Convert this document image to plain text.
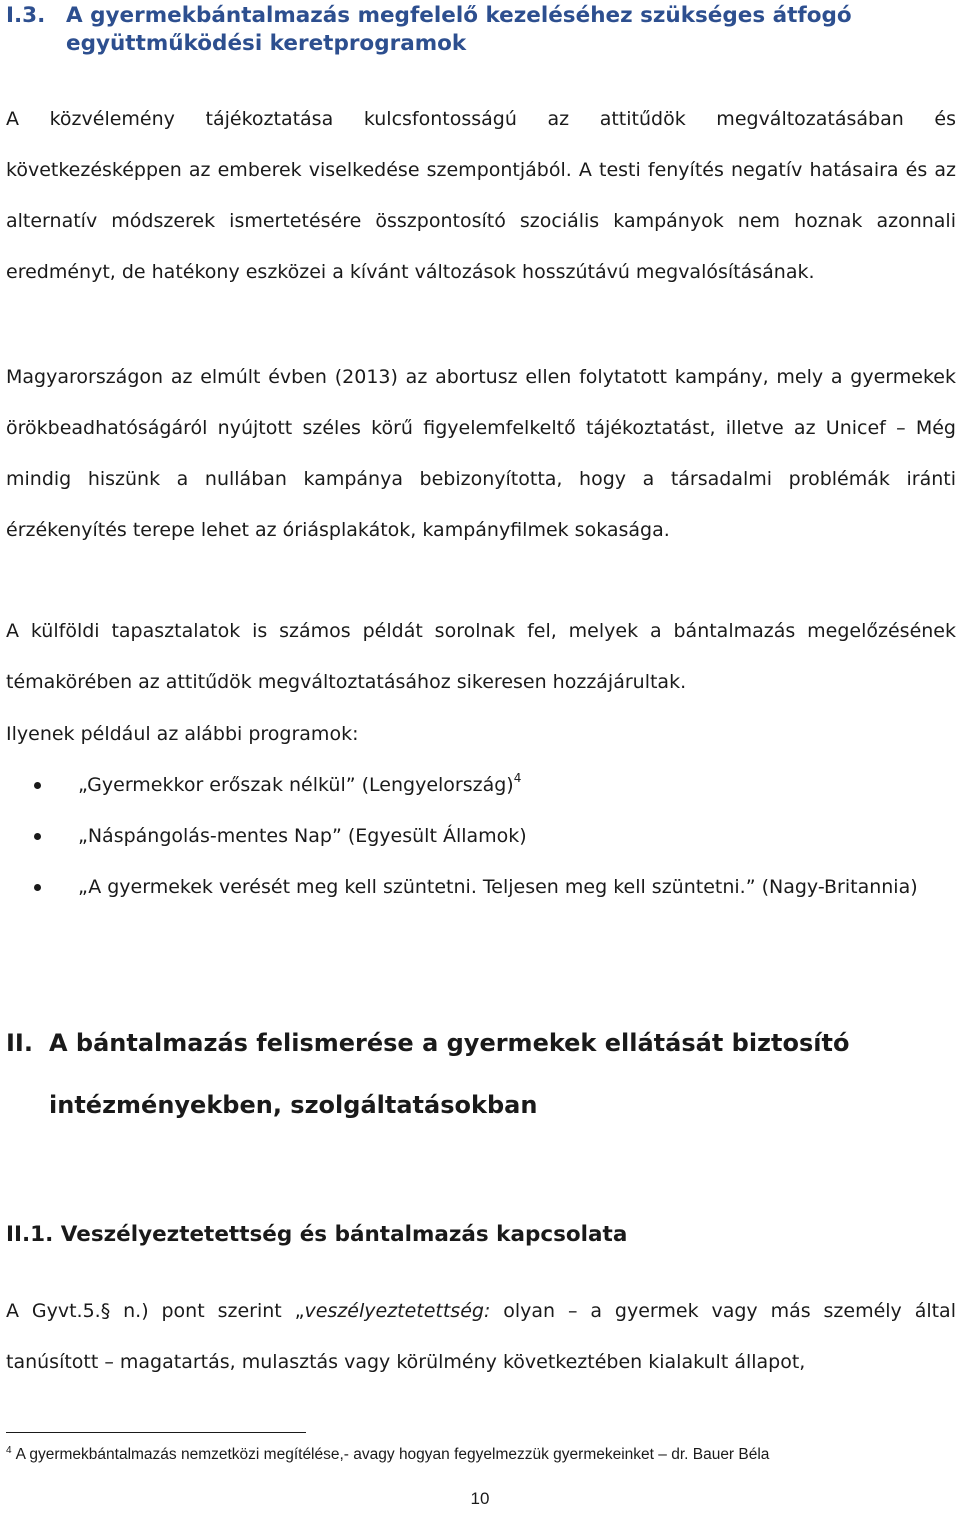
I.3. A gyermekbántalmazás megfelelő kezeléséhez szükséges átfogó együttműködési keretprogramok
A közvélemény tájékoztatása kulcsfontosságú az attitűdök megváltozatásában és következésképpen az emberek viselkedése szempontjából. A testi fenyítés negatív hatásaira és az alternatív módszerek ismertetésére összpontosító szociális kampányok nem hoznak azonnali eredményt, de hatékony eszközei a kívánt változások hosszútávú megvalósításának.
Magyarországon az elmúlt évben (2013) az abortusz ellen folytatott kampány, mely a gyermekek örökbeadhatóságáról nyújtott széles körű figyelemfelkeltő tájékoztatást, illetve az Unicef – Még mindig hiszünk a nullában kampánya bebizonyította, hogy a társadalmi problémák iránti érzékenyítés terepe lehet az óriásplakátok, kampányfilmek sokasága.
A külföldi tapasztalatok is számos példát sorolnak fel, melyek a bántalmazás megelőzésének témakörében az attitűdök megváltoztatásához sikeresen hozzájárultak.
Ilyenek például az alábbi programok:
„Gyermekkor erőszak nélkül” (Lengyelország)$^4$
„Náspángolás-mentes Nap” (Egyesült Államok)
„A gyermekek verését meg kell szüntetni. Teljesen meg kell szüntetni.” (Nagy-Britannia)
II. A bántalmazás felismerése a gyermekek ellátását biztosító intézményekben, szolgáltatásokban
II.1. Veszélyeztetettség és bántalmazás kapcsolata
A Gyvt.5.§ n.) pont szerint „veszélyeztetettség: olyan – a gyermek vagy más személy által tanúsított – magatartás, mulasztás vagy körülmény következtében kialakult állapot,
$^4$ A gyermekbántalmazás nemzetközi megítélése,- avagy hogyan fegyelmezzük gyermekeinket – dr. Bauer Béla
10
